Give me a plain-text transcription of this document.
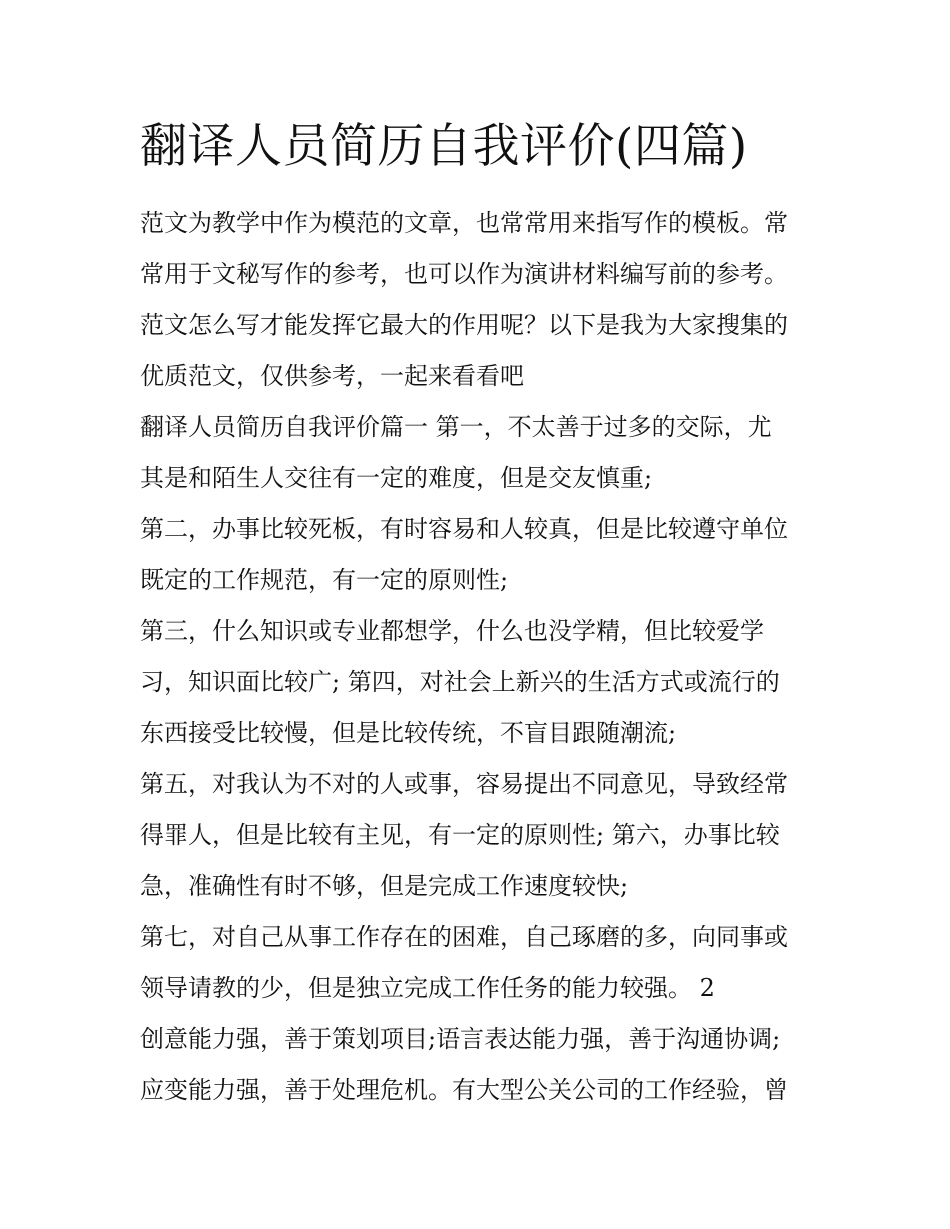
翻译人员简历自我评价(四篇)
范文为教学中作为模范的文章，也常常用来指写作的模板。常
常用于文秘写作的参考，也可以作为演讲材料编写前的参考。
范文怎么写才能发挥它最大的作用呢？以下是我为大家搜集的
优质范文，仅供参考，一起来看看吧
翻译人员简历自我评价篇一 第一，不太善于过多的交际，尤
其是和陌生人交往有一定的难度，但是交友慎重;
第二，办事比较死板，有时容易和人较真，但是比较遵守单位
既定的工作规范，有一定的原则性;
第三，什么知识或专业都想学，什么也没学精，但比较爱学
习，知识面比较广; 第四，对社会上新兴的生活方式或流行的
东西接受比较慢，但是比较传统，不盲目跟随潮流;
第五，对我认为不对的人或事，容易提出不同意见，导致经常
得罪人，但是比较有主见，有一定的原则性; 第六，办事比较
急，准确性有时不够，但是完成工作速度较快;
第七，对自己从事工作存在的困难，自己琢磨的多，向同事或
领导请教的少，但是独立完成工作任务的能力较强。 2
创意能力强，善于策划项目;语言表达能力强，善于沟通协调;
应变能力强，善于处理危机。有大型公关公司的工作经验，曾
